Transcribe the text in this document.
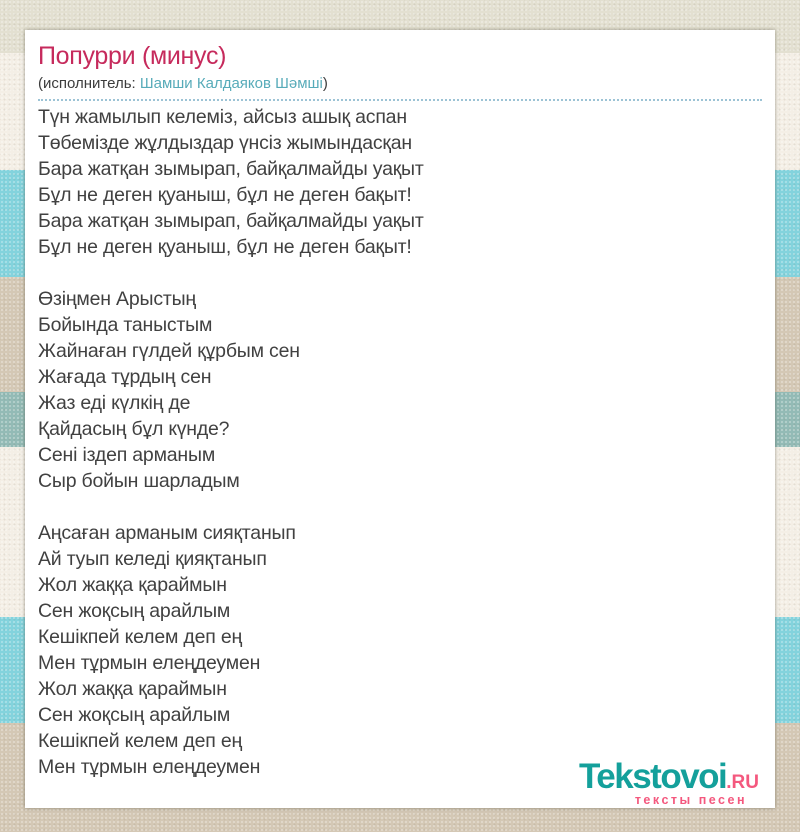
Попурри (минус)
(исполнитель: Шамши Калдаяков Шәмші)
Түн жамылып келеміз, айсыз ашық аспан
Төбемізде жұлдыздар үнсіз жымындасқан
Бара жатқан зымырап, байқалмайды уақыт
Бұл не деген қуаныш, бұл не деген бақыт!
Бара жатқан зымырап, байқалмайды уақыт
Бұл не деген қуаныш, бұл не деген бақыт!
Өзіңмен Арыстың
Бойында таныстым
Жайнаған гүлдей құрбым сен
Жағада тұрдың сен
Жаз еді күлкің де
Қайдасың бұл күнде?
Сені іздеп арманым
Сыр бойын шарладым
Аңсаған арманым сияқтанып
Ай туып келеді қияқтанып
Жол жаққа қараймын
Сен жоқсың арайлым
Кешікпей келем деп ең
Мен тұрмын елеңдеумен
Жол жаққа қараймын
Сен жоқсың арайлым
Кешікпей келем деп ең
Мен тұрмын елеңдеумен	Tekstovoi.RU
тексты песен
